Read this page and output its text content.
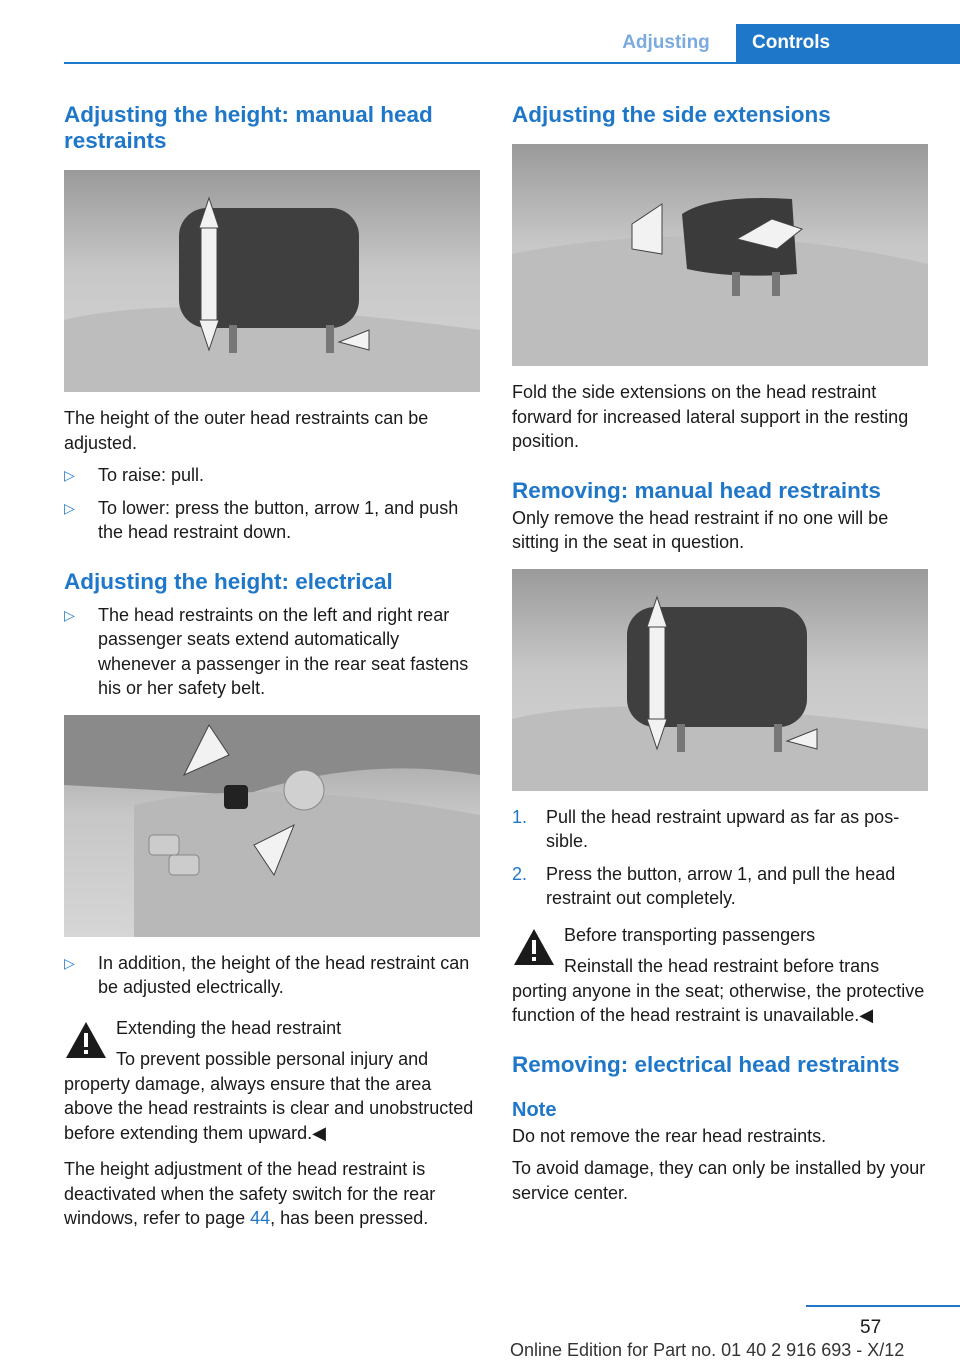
Adjusting	Controls
Adjusting the height: manual head restraints

The height of the outer head restraints can be adjusted.

▷ To raise: pull.
▷ To lower: press the button, arrow 1, and push the head restraint down.
Adjusting the height: electrical
▷ The head restraints on the left and right rear passenger seats extend automatically whenever a passenger in the rear seat fastens his or her safety belt.
▷ In addition, the height of the head restraint can be adjusted electrically.
Extending the head restraint
To prevent possible personal injury and
property damage, always ensure that the area above the head restraints is clear and unobstructed before extending them upward.◀

The height adjustment of the head restraint is deactivated when the safety switch for the rear windows, refer to page 44, has been pressed.

Adjusting the side extensions

Fold the side extensions on the head restraint forward for increased lateral support in the resting position.

Removing: manual head restraints

Only remove the head restraint if no one will be sitting in the seat in question.

1. Pull the head restraint upward as far as possible.
2. Press the button, arrow 1, and pull the head restraint out completely.
Before transporting passengers
Reinstall the head restraint before trans
porting anyone in the seat; otherwise, the protective function of the head restraint is unavailable.◀
Removing: electrical head restraints
Note

Do not remove the rear head restraints.

To avoid damage, they can only be installed by your service center.

57
Online Edition for Part no. 01 40 2 916 693 - X/12
